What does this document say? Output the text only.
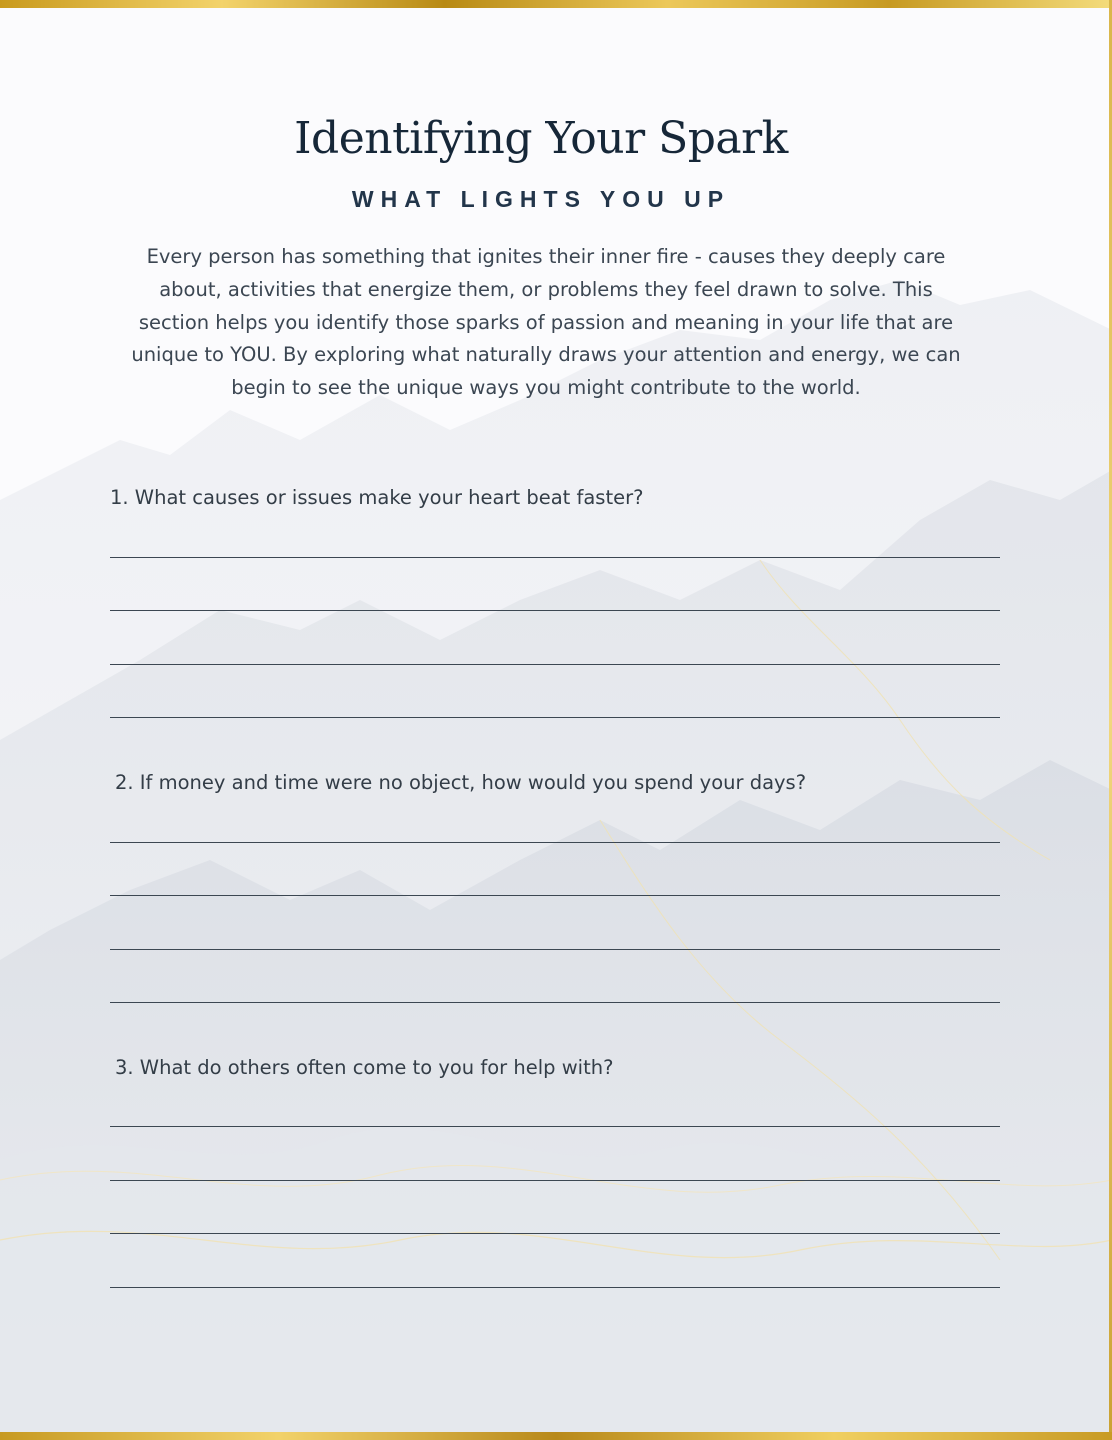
Identifying Your Spark
WHAT LIGHTS YOU UP

Every person has something that ignites their inner fire - causes they deeply care about, activities that energize them, or problems they feel drawn to solve. This section helps you identify those sparks of passion and meaning in your life that are unique to YOU. By exploring what naturally draws your attention and energy, we can begin to see the unique ways you might contribute to the world.

1. What causes or issues make your heart beat faster?

2. If money and time were no object, how would you spend your days?

3. What do others often come to you for help with?
